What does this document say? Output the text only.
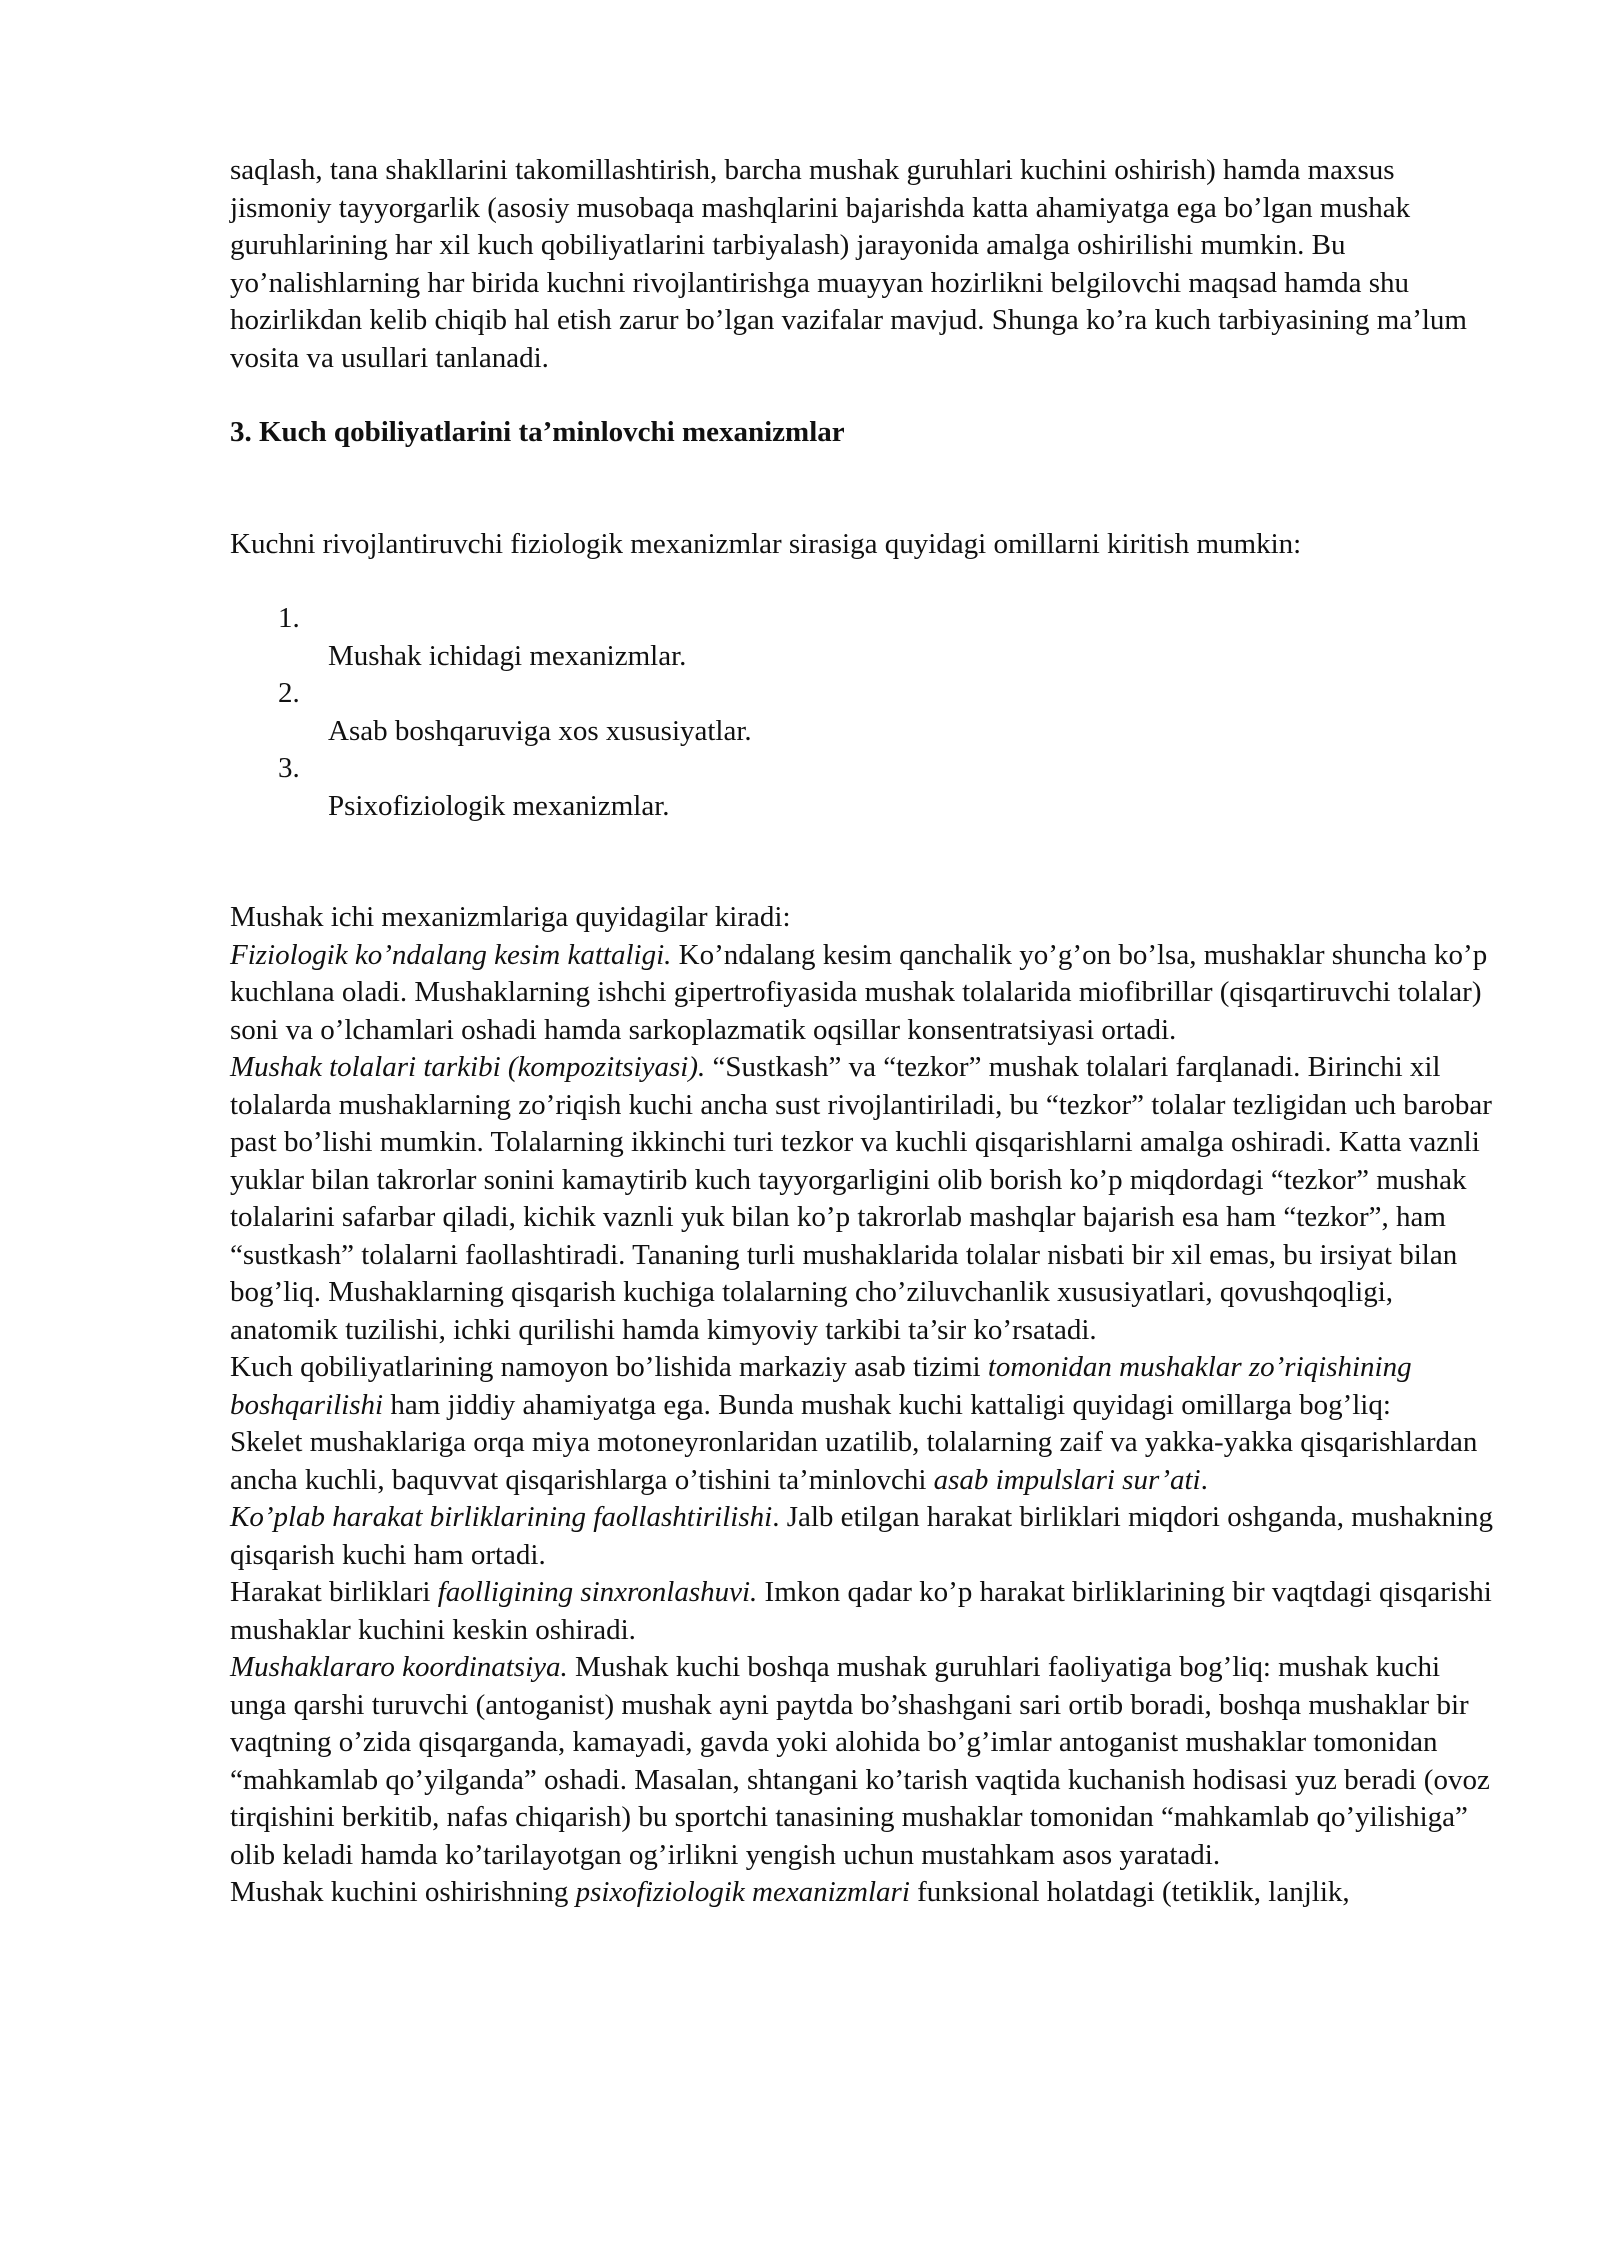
saqlash, tana shakllarini takomillashtirish, barcha mushak guruhlari kuchini oshirish) hamda maxsus jismoniy tayyorgarlik (asosiy musobaqa mashqlarini bajarishda katta ahamiyatga ega bo’lgan mushak guruhlarining har xil kuch qobiliyatlarini tarbiyalash) jarayonida amalga oshirilishi mumkin. Bu yo’nalishlarning har birida kuchni rivojlantirishga muayyan hozirlikni belgilovchi maqsad hamda shu hozirlikdan kelib chiqib hal etish zarur bo’lgan vazifalar mavjud. Shunga ko’ra kuch tarbiyasining ma’lum vosita va usullari tanlanadi.

3. Kuch qobiliyatlarini ta’minlovchi mexanizmlar

Kuchni rivojlantiruvchi fiziologik mexanizmlar sirasiga quyidagi omillarni kiritish mumkin:

1.
Mushak ichidagi mexanizmlar.
2.
Asab boshqaruviga xos xususiyatlar.
3.
Psixofiziologik mexanizmlar.

Mushak ichi mexanizmlariga quyidagilar kiradi:

Fiziologik ko’ndalang kesim kattaligi. Ko’ndalang kesim qanchalik yo’g’on bo’lsa, mushaklar shuncha ko’p kuchlana oladi. Mushaklarning ishchi gipertrofiyasida mushak tolalarida miofibrillar (qisqartiruvchi tolalar) soni va o’lchamlari oshadi hamda sarkoplazmatik oqsillar konsentratsiyasi ortadi.

Mushak tolalari tarkibi (kompozitsiyasi). “Sustkash” va “tezkor” mushak tolalari farqlanadi. Birinchi xil tolalarda mushaklarning zo’riqish kuchi ancha sust rivojlantiriladi, bu “tezkor” tolalar tezligidan uch barobar past bo’lishi mumkin. Tolalarning ikkinchi turi tezkor va kuchli qisqarishlarni amalga oshiradi. Katta vaznli yuklar bilan takrorlar sonini kamaytirib kuch tayyorgarligini olib borish ko’p miqdordagi “tezkor” mushak tolalarini safarbar qiladi, kichik vaznli yuk bilan ko’p takrorlab mashqlar bajarish esa ham “tezkor”, ham “sustkash” tolalarni faollashtiradi. Tananing turli mushaklarida tolalar nisbati bir xil emas, bu irsiyat bilan bog’liq. Mushaklarning qisqarish kuchiga tolalarning cho’ziluvchanlik xususiyatlari, qovushqoqligi, anatomik tuzilishi, ichki qurilishi hamda kimyoviy tarkibi ta’sir ko’rsatadi.

Kuch qobiliyatlarining namoyon bo’lishida markaziy asab tizimi tomonidan mushaklar zo’riqishining boshqarilishi ham jiddiy ahamiyatga ega. Bunda mushak kuchi kattaligi quyidagi omillarga bog’liq:

Skelet mushaklariga orqa miya motoneyronlaridan uzatilib, tolalarning zaif va yakka-yakka qisqarishlardan ancha kuchli, baquvvat qisqarishlarga o’tishini ta’minlovchi asab impulslari sur’ati.

Ko’plab harakat birliklarining faollashtirilishi. Jalb etilgan harakat birliklari miqdori oshganda, mushakning qisqarish kuchi ham ortadi.

Harakat birliklari faolligining sinxronlashuvi. Imkon qadar ko’p harakat birliklarining bir vaqtdagi qisqarishi mushaklar kuchini keskin oshiradi.

Mushaklararo koordinatsiya. Mushak kuchi boshqa mushak guruhlari faoliyatiga bog’liq: mushak kuchi unga qarshi turuvchi (antoganist) mushak ayni paytda bo’shashgani sari ortib boradi, boshqa mushaklar bir vaqtning o’zida qisqarganda, kamayadi, gavda yoki alohida bo’g’imlar antoganist mushaklar tomonidan “mahkamlab qo’yilganda” oshadi. Masalan, shtangani ko’tarish vaqtida kuchanish hodisasi yuz beradi (ovoz tirqishini berkitib, nafas chiqarish) bu sportchi tanasining mushaklar tomonidan “mahkamlab qo’yilishiga” olib keladi hamda ko’tarilayotgan og’irlikni yengish uchun mustahkam asos yaratadi.

Mushak kuchini oshirishning psixofiziologik mexanizmlari funksional holatdagi (tetiklik, lanjlik,
